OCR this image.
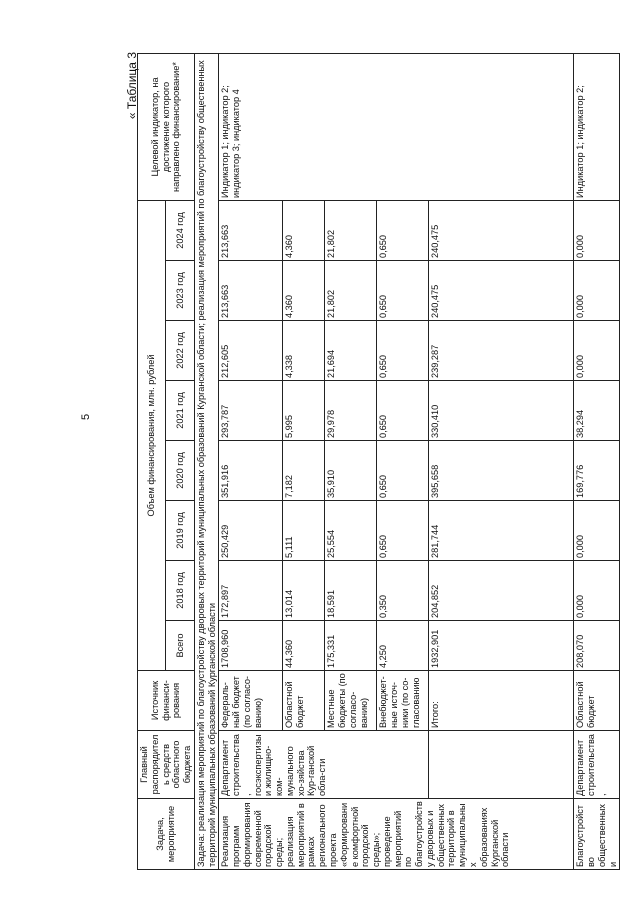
5
« Таблица 3
Задача, мероприятие	Главный распорядитель средств областного бюджета	Источник финанси-рования	Объем финансирования, млн. рублей								Целевой индикатор, на достижение которого направлено финансирование*
			Всего	2018 год	2019 год	2020 год	2021 год	2022 год	2023 год	2024 год	
Задача: реализация мероприятий по благоустройству дворовых территорий муниципальных образований Курганской области; реализация мероприятий по благоустройству общественных территорий муниципальных образований Курганской области											
Реализация программ формирования современной городской среды; реализация мероприятий в рамках регионального проекта «Формирование комфортной городской среды»; проведение мероприятий по благоустройству дворовых и общественных территорий в муниципальных образованиях Курганской области	Департамент строительства, госэкспертизы и жилищно-ком-мунального хо-зяйства Кур-ганской обла-сти	Федераль-ный бюджет (по согласо-ванию)	1708,960	172,897	250,429	351,916	293,787	212,605	213,663	213,663	Индикатор 1; индикатор 2; индикатор 3; индикатор 4
		Областной бюджет	44,360	13,014	5,111	7,182	5,995	4,338	4,360	4,360	
		Местные бюджеты (по согласо-ванию)	175,331	18,591	25,554	35,910	29,978	21,694	21,802	21,802	
		Внебюджет-ные источ-ники (по со-гласованию	4,250	0,350	0,650	0,650	0,650	0,650	0,650	0,650	
		Итого:	1932,901	204,852	281,744	395,658	330,410	239,287	240,475	240,475	
Благоустройство общественных и	Департамент строительства,	Областной бюджет	208,070	0,000	0,000	169,776	38,294	0,000	0,000	0,000	Индикатор 1; индикатор 2;
